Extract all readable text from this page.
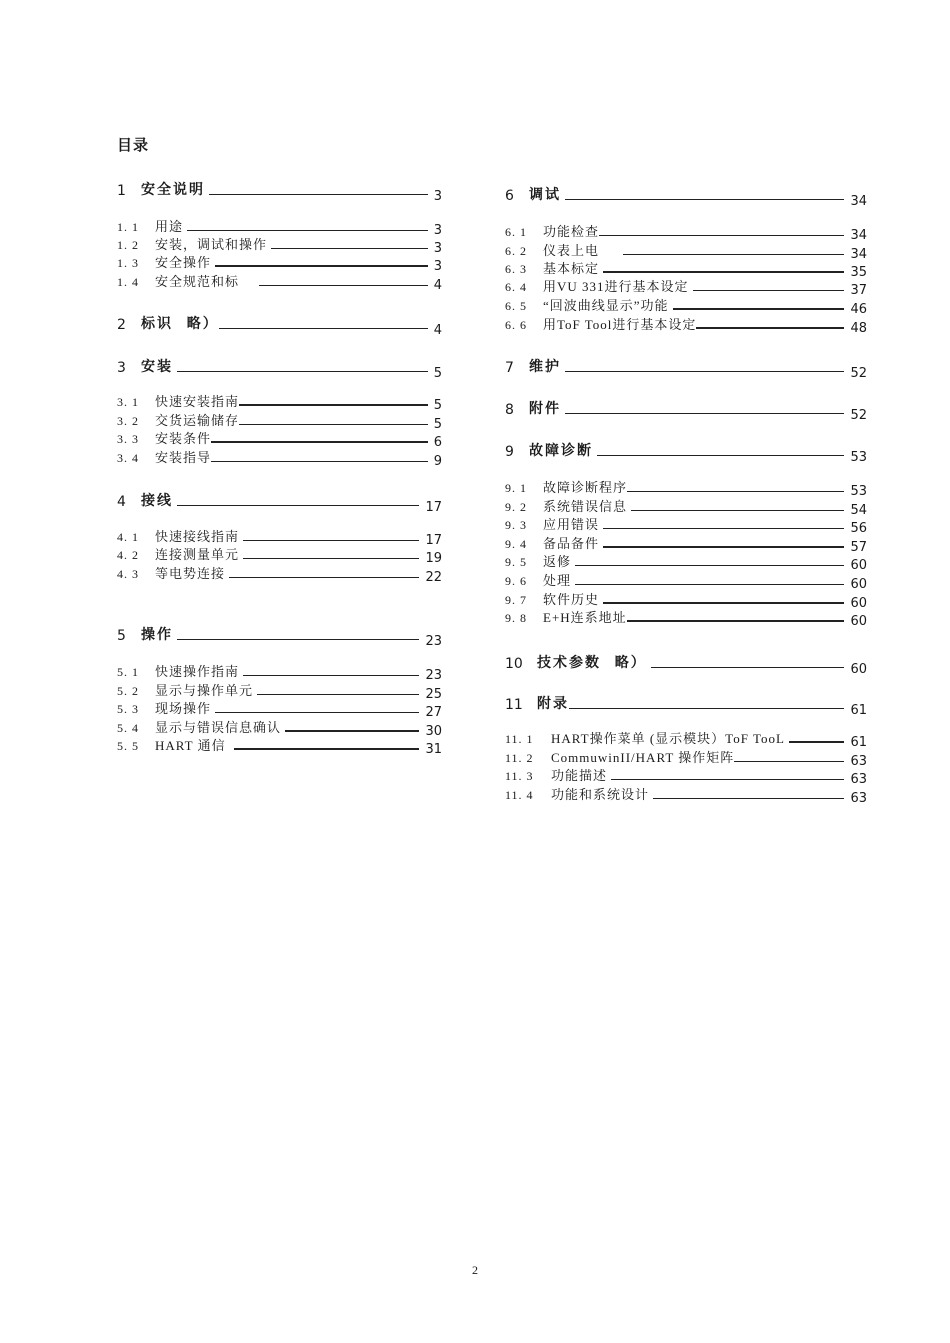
目录
1	安全说明	3
1. 1	用途	3
1. 2	安装，调试和操作	3
1. 3	安全操作	3
1. 4	安全规范和标	4
2	标识  略）	4
3	安装	5
3. 1	快速安装指南	5
3. 2	交货运输储存	5
3. 3	安装条件	6
3. 4	安装指导	9
4	接线	17
4. 1	快速接线指南	17
4. 2	连接测量单元	19
4. 3	等电势连接	22
5	操作	23
5. 1	快速操作指南	23
5. 2	显示与操作单元	25
5. 3	现场操作	27
5. 4	显示与错误信息确认	30
5. 5	HART 通信	31
6	调试	34
6. 1	功能检查	34
6. 2	仪表上电	34
6. 3	基本标定	35
6. 4	用VU 331进行基本设定	37
6. 5	“回波曲线显示”功能	46
6. 6	用ToF Tool进行基本设定	48
7	维护	52
8	附件	52
9	故障诊断	53
9. 1	故障诊断程序	53
9. 2	系统错误信息	54
9. 3	应用错误	56
9. 4	备品备件	57
9. 5	返修	60
9. 6	处理	60
9. 7	软件历史	60
9. 8	E+H连系地址	60
10	技术参数  略）	60
11	附录	61
11. 1	HART操作菜单 (显示模块）ToF TooL	61
11. 2	CommuwinII/HART 操作矩阵	63
11. 3	功能描述	63
11. 4	功能和系统设计	63
2
